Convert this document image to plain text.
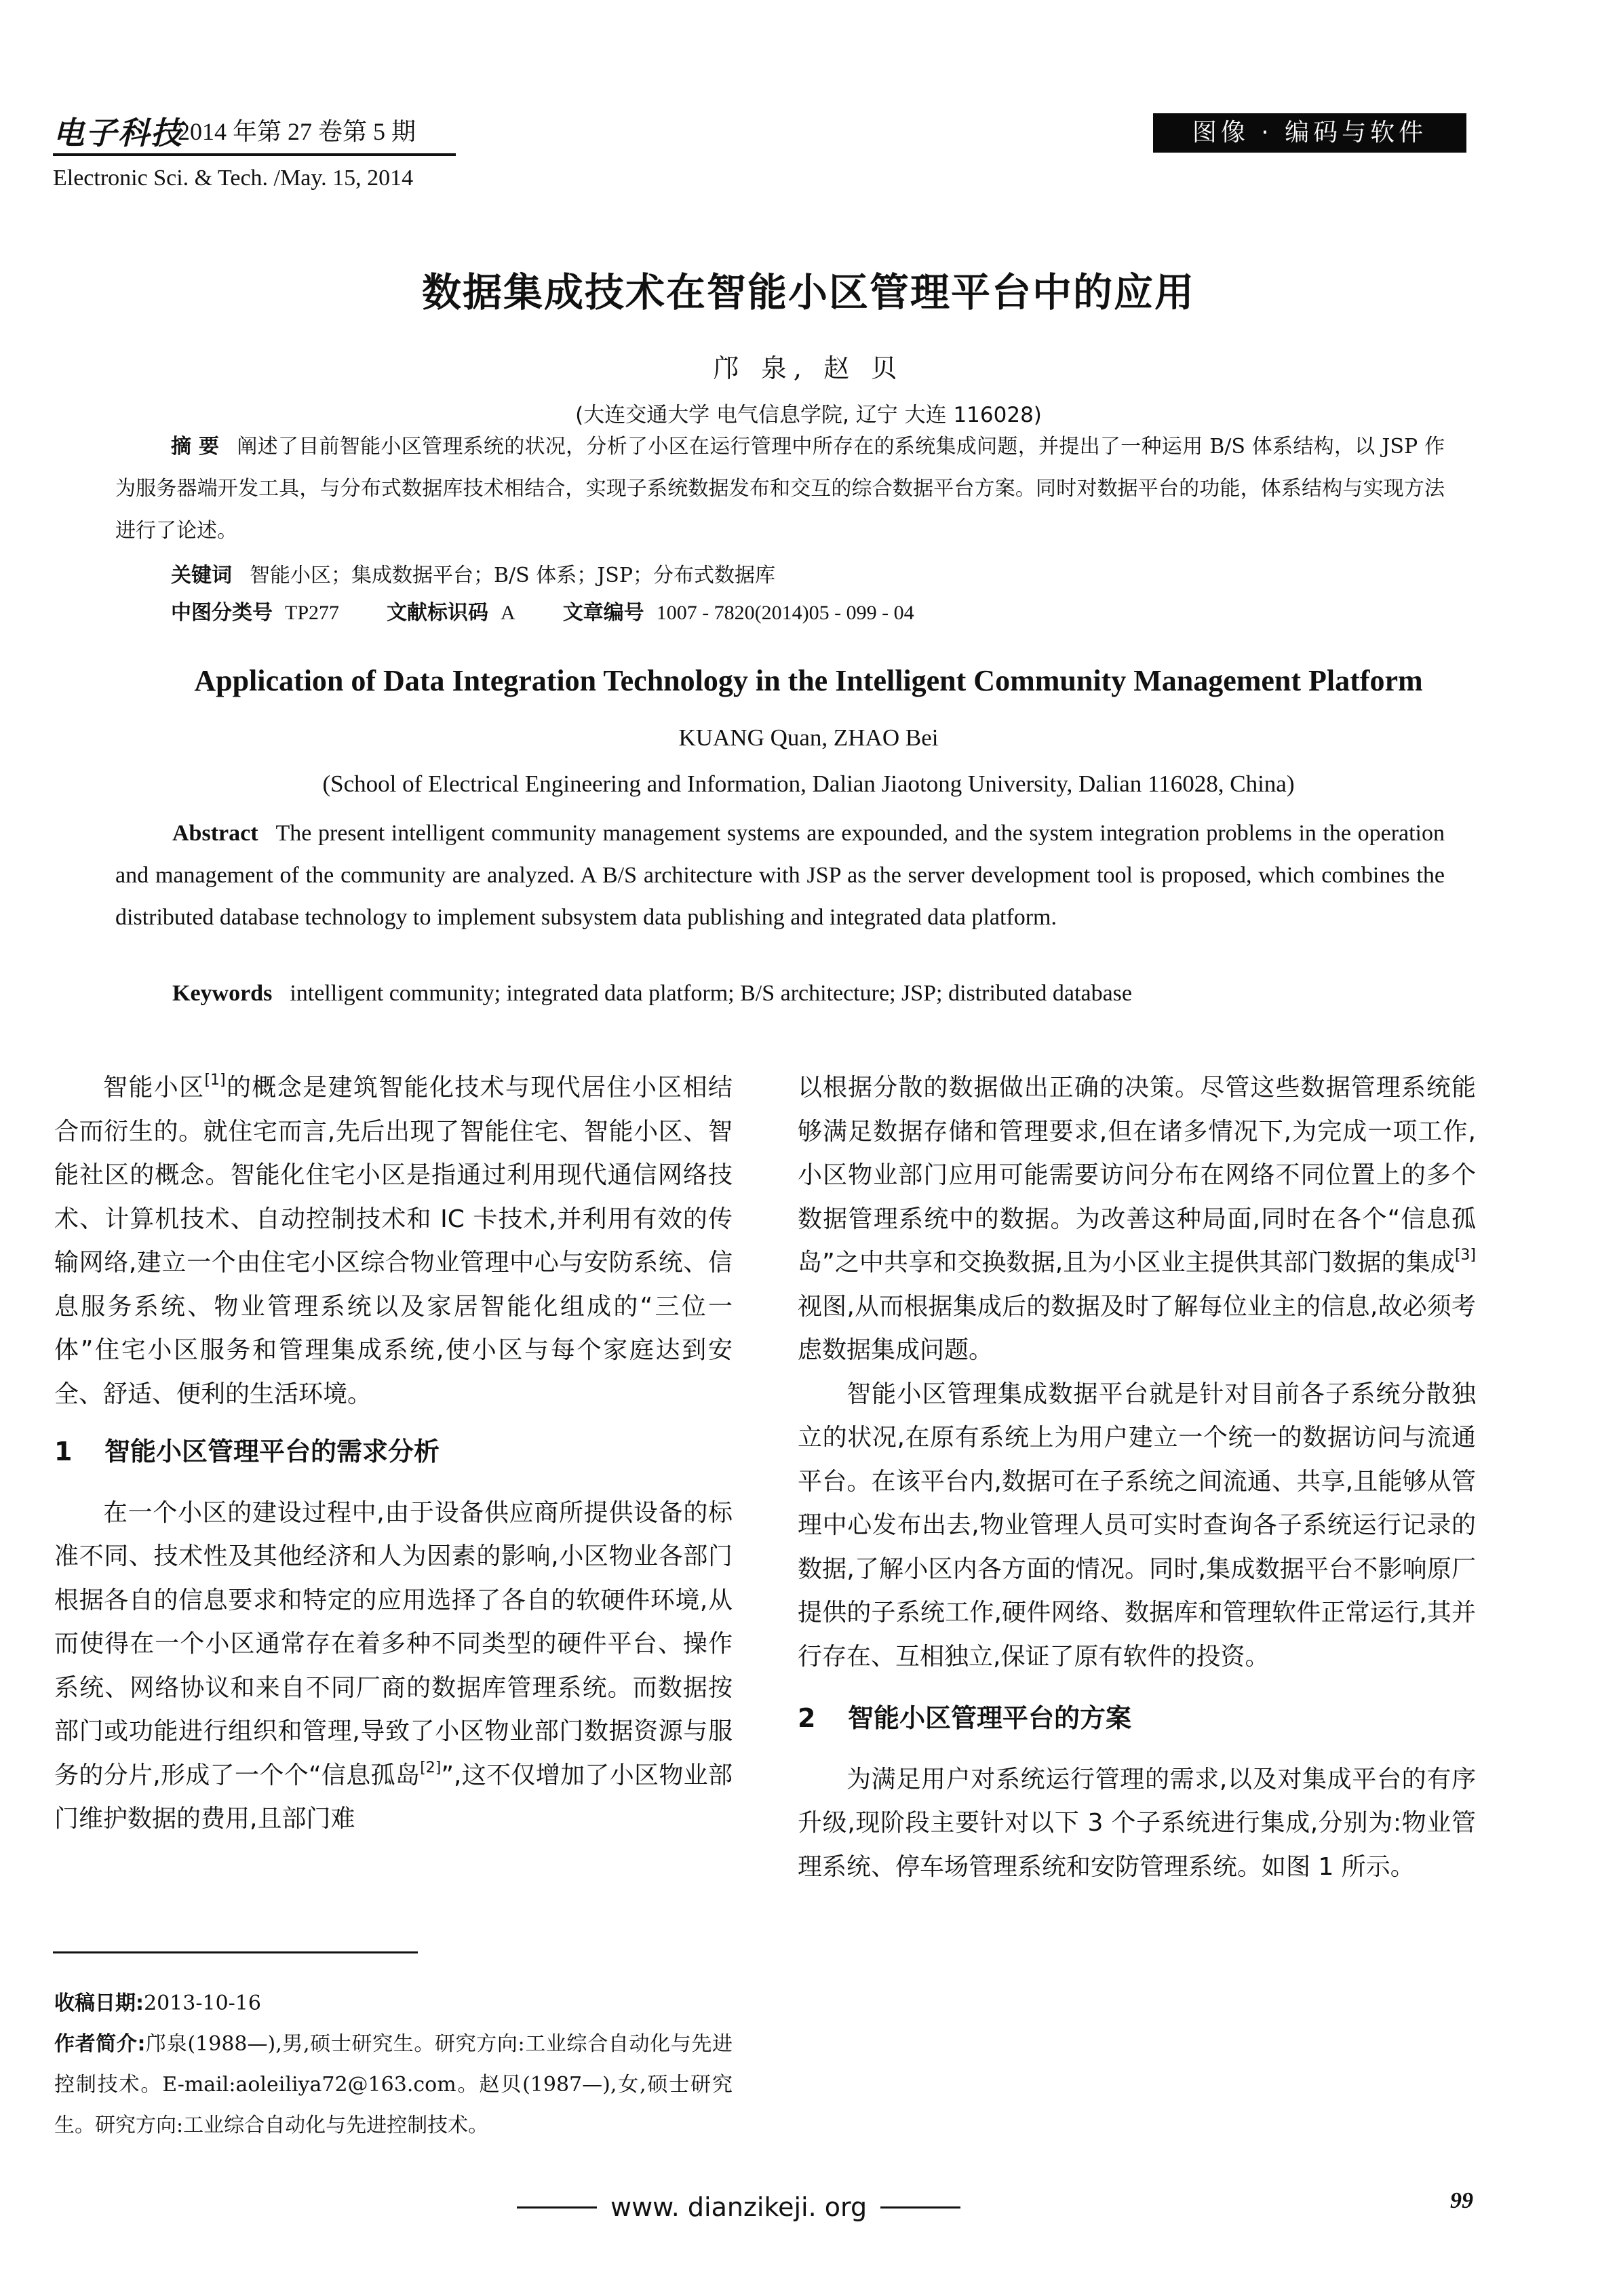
电子科技
2014 年第 27 卷第 5 期
Electronic Sci. & Tech. /May. 15, 2014
图像 · 编码与软件
数据集成技术在智能小区管理平台中的应用
邝 泉, 赵 贝
(大连交通大学 电气信息学院, 辽宁 大连 116028)
摘 要 阐述了目前智能小区管理系统的状况，分析了小区在运行管理中所存在的系统集成问题，并提出了一种运用 B/S 体系结构，以 JSP 作为服务器端开发工具，与分布式数据库技术相结合，实现子系统数据发布和交互的综合数据平台方案。同时对数据平台的功能，体系结构与实现方法进行了论述。
关键词 智能小区；集成数据平台；B/S 体系；JSP；分布式数据库
中图分类号 TP277 文献标识码 A 文章编号 1007 - 7820(2014)05 - 099 - 04
Application of Data Integration Technology in the Intelligent Community Management Platform
KUANG Quan, ZHAO Bei
(School of Electrical Engineering and Information, Dalian Jiaotong University, Dalian 116028, China)
Abstract The present intelligent community management systems are expounded, and the system integration problems in the operation and management of the community are analyzed. A B/S architecture with JSP as the server development tool is proposed, which combines the distributed database technology to implement subsystem data publishing and integrated data platform.
Keywords intelligent community; integrated data platform; B/S architecture; JSP; distributed database

智能小区[1]的概念是建筑智能化技术与现代居住小区相结合而衍生的。就住宅而言,先后出现了智能住宅、智能小区、智能社区的概念。智能化住宅小区是指通过利用现代通信网络技术、计算机技术、自动控制技术和 IC 卡技术,并利用有效的传输网络,建立一个由住宅小区综合物业管理中心与安防系统、信息服务系统、物业管理系统以及家居智能化组成的“三位一体”住宅小区服务和管理集成系统,使小区与每个家庭达到安全、舒适、便利的生活环境。

1 智能小区管理平台的需求分析

在一个小区的建设过程中,由于设备供应商所提供设备的标准不同、技术性及其他经济和人为因素的影响,小区物业各部门根据各自的信息要求和特定的应用选择了各自的软硬件环境,从而使得在一个小区通常存在着多种不同类型的硬件平台、操作系统、网络协议和来自不同厂商的数据库管理系统。而数据按部门或功能进行组织和管理,导致了小区物业部门数据资源与服务的分片,形成了一个个“信息孤岛[2]”,这不仅增加了小区物业部门维护数据的费用,且部门难

收稿日期:2013-10-16
作者简介:邝泉(1988—),男,硕士研究生。研究方向:工业综合自动化与先进控制技术。E-mail:aoleiliya72@163.com。赵贝(1987—),女,硕士研究生。研究方向:工业综合自动化与先进控制技术。

以根据分散的数据做出正确的决策。尽管这些数据管理系统能够满足数据存储和管理要求,但在诸多情况下,为完成一项工作,小区物业部门应用可能需要访问分布在网络不同位置上的多个数据管理系统中的数据。为改善这种局面,同时在各个“信息孤岛”之中共享和交换数据,且为小区业主提供其部门数据的集成[3]视图,从而根据集成后的数据及时了解每位业主的信息,故必须考虑数据集成问题。

智能小区管理集成数据平台就是针对目前各子系统分散独立的状况,在原有系统上为用户建立一个统一的数据访问与流通平台。在该平台内,数据可在子系统之间流通、共享,且能够从管理中心发布出去,物业管理人员可实时查询各子系统运行记录的数据,了解小区内各方面的情况。同时,集成数据平台不影响原厂提供的子系统工作,硬件网络、数据库和管理软件正常运行,其并行存在、互相独立,保证了原有软件的投资。

2 智能小区管理平台的方案

为满足用户对系统运行管理的需求,以及对集成平台的有序升级,现阶段主要针对以下 3 个子系统进行集成,分别为:物业管理系统、停车场管理系统和安防管理系统。如图 1 所示。

www. dianzikeji. org	99
